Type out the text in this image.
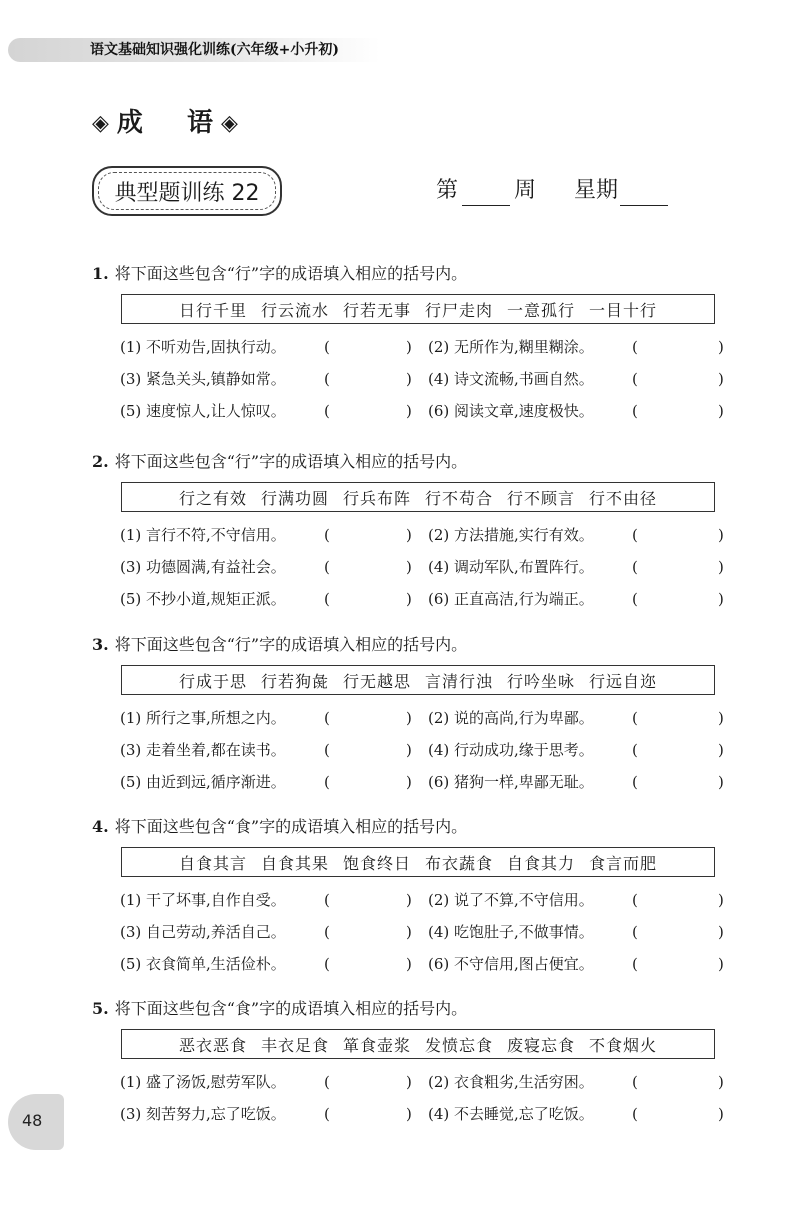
语文基础知识强化训练(六年级+小升初)
◈ 成 语 ◈
典型题训练 22	第	周 星期
1. 将下面这些包含“行”字的成语填入相应的括号内。
日行千里 行云流水 行若无事 行尸走肉 一意孤行 一目十行
(1) 不听劝告,固执行动。	(	) (2) 无所作为,糊里糊涂。	(	)
(3) 紧急关头,镇静如常。	(	) (4) 诗文流畅,书画自然。	(	)
(5) 速度惊人,让人惊叹。	(	) (6) 阅读文章,速度极快。	(	)
2. 将下面这些包含“行”字的成语填入相应的括号内。
行之有效 行满功圆 行兵布阵 行不苟合 行不顾言 行不由径
(1) 言行不符,不守信用。	(	) (2) 方法措施,实行有效。	(	)
(3) 功德圆满,有益社会。	(	) (4) 调动军队,布置阵行。	(	)
(5) 不抄小道,规矩正派。	(	) (6) 正直高洁,行为端正。	(	)
3. 将下面这些包含“行”字的成语填入相应的括号内。
行成于思 行若狗彘 行无越思 言清行浊 行吟坐咏 行远自迩
(1) 所行之事,所想之内。	(	) (2) 说的高尚,行为卑鄙。	(	)
(3) 走着坐着,都在读书。	(	) (4) 行动成功,缘于思考。	(	)
(5) 由近到远,循序渐进。	(	) (6) 猪狗一样,卑鄙无耻。	(	)
4. 将下面这些包含“食”字的成语填入相应的括号内。
自食其言 自食其果 饱食终日 布衣蔬食 自食其力 食言而肥
(1) 干了坏事,自作自受。	(	) (2) 说了不算,不守信用。	(	)
(3) 自己劳动,养活自己。	(	) (4) 吃饱肚子,不做事情。	(	)
(5) 衣食简单,生活俭朴。	(	) (6) 不守信用,图占便宜。	(	)
5. 将下面这些包含“食”字的成语填入相应的括号内。
恶衣恶食 丰衣足食 箪食壶浆 发愤忘食 废寝忘食 不食烟火
(1) 盛了汤饭,慰劳军队。	(	) (2) 衣食粗劣,生活穷困。	(	)
(3) 刻苦努力,忘了吃饭。	(	) (4) 不去睡觉,忘了吃饭。	(	)
48
